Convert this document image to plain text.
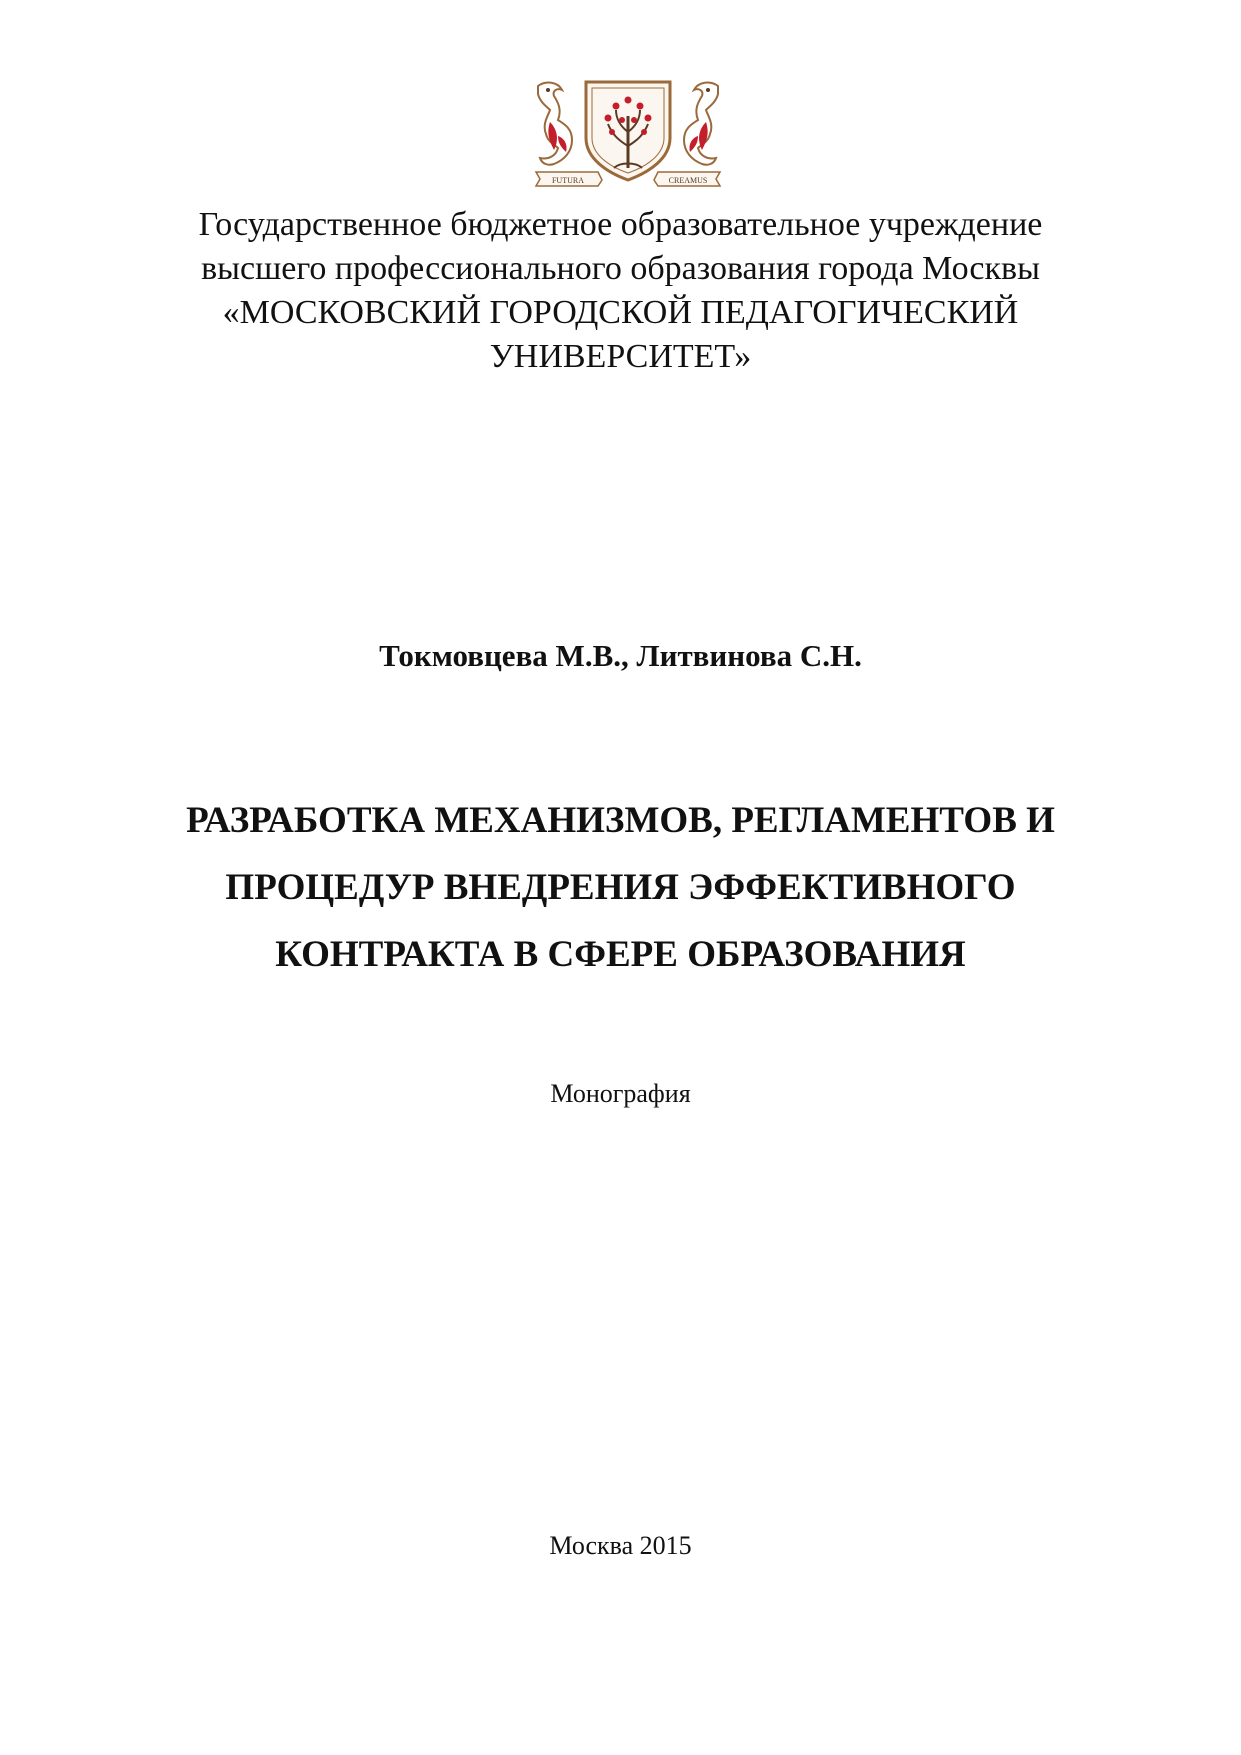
FUTURA	CREAMUS
Государственное бюджетное образовательное учреждение
высшего профессионального образования города Москвы
«МОСКОВСКИЙ ГОРОДСКОЙ ПЕДАГОГИЧЕСКИЙ
УНИВЕРСИТЕТ»
Токмовцева М.В., Литвинова С.Н.
РАЗРАБОТКА МЕХАНИЗМОВ, РЕГЛАМЕНТОВ И
ПРОЦЕДУР ВНЕДРЕНИЯ ЭФФЕКТИВНОГО
КОНТРАКТА В СФЕРЕ ОБРАЗОВАНИЯ
Монография
Москва 2015
